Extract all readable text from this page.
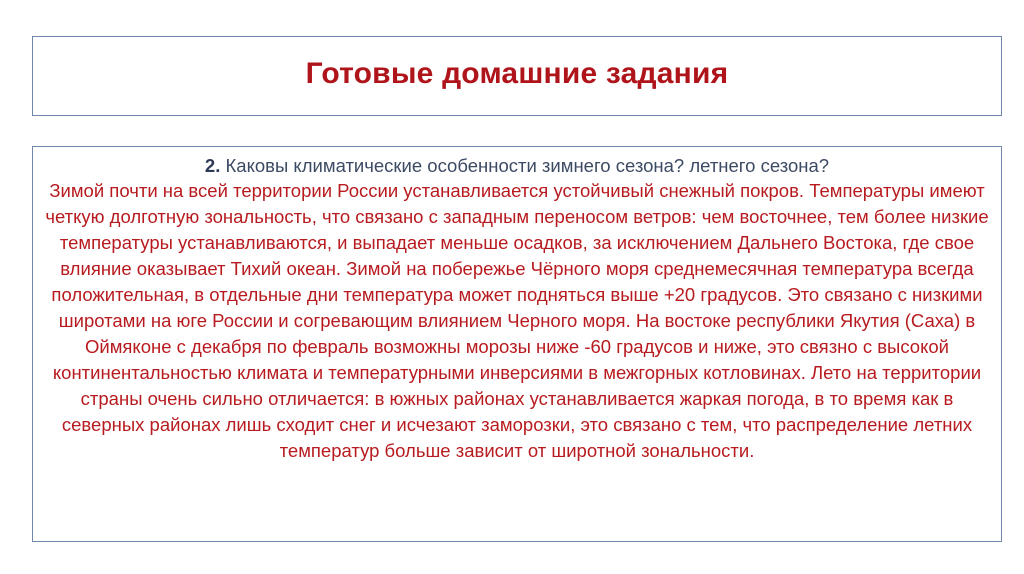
Готовые домашние задания

2. Каковы климатические особенности зимнего сезона? летнего сезона?

Зимой почти на всей территории России устанавливается устойчивый снежный покров. Температуры имеют четкую долготную зональность, что связано с западным переносом ветров: чем восточнее, тем более низкие температуры устанавливаются, и выпадает меньше осадков, за исключением Дальнего Востока, где свое влияние оказывает Тихий океан. Зимой на побережье Чёрного моря среднемесячная температура всегда положительная, в отдельные дни температура может подняться выше +20 градусов. Это связано с низкими широтами на юге России и согревающим влиянием Черного моря. На востоке республики Якутия (Саха) в Оймяконе с декабря по февраль возможны морозы ниже -60 градусов и ниже, это связно с высокой континентальностью климата и температурными инверсиями в межгорных котловинах. Лето на территории страны очень сильно отличается: в южных районах устанавливается жаркая погода, в то время как в северных районах лишь сходит снег и исчезают заморозки, это связано с тем, что распределение летних температур больше зависит от широтной зональности.
